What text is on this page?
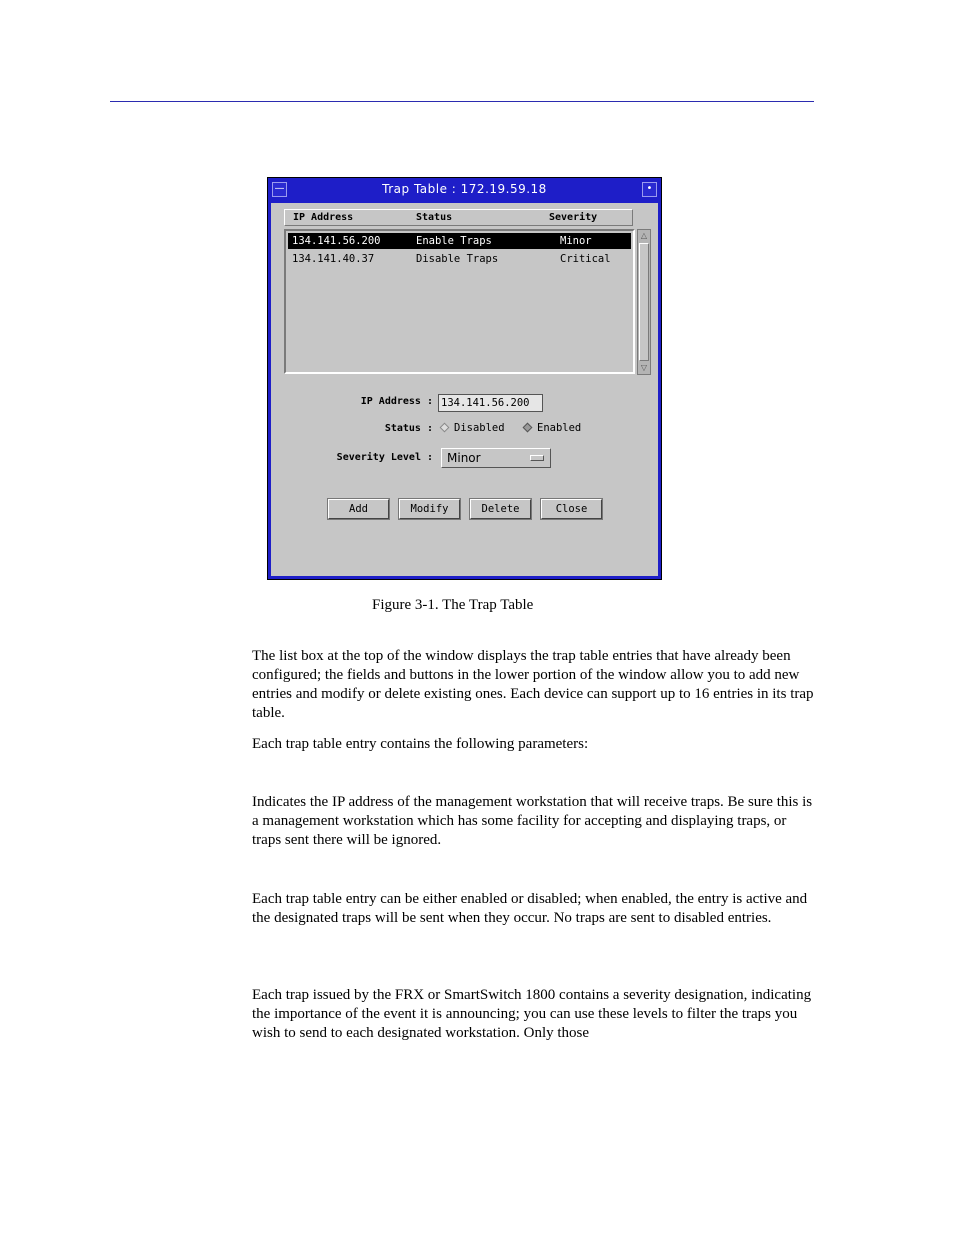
—	Trap Table : 172.19.59.18	•
IP Address	Status	Severity
134.141.56.200	Enable Traps	Minor
134.141.40.37	Disable Traps	Critical
△
▽
IP Address : 134.141.56.200
Status :	Disabled	Enabled
Severity Level : Minor
Add	Modify	Delete	Close
Figure 3-1. The Trap Table

The list box at the top of the window displays the trap table entries that have already been configured; the fields and buttons in the lower portion of the window allow you to add new entries and modify or delete existing ones. Each device can support up to 16 entries in its trap table.

Each trap table entry contains the following parameters:

Indicates the IP address of the management workstation that will receive traps. Be sure this is a management workstation which has some facility for accepting and displaying traps, or traps sent there will be ignored.

Each trap table entry can be either enabled or disabled; when enabled, the entry is active and the designated traps will be sent when they occur. No traps are sent to disabled entries.

Each trap issued by the FRX or SmartSwitch 1800 contains a severity designation, indicating the importance of the event it is announcing; you can use these levels to filter the traps you wish to send to each designated workstation. Only those
